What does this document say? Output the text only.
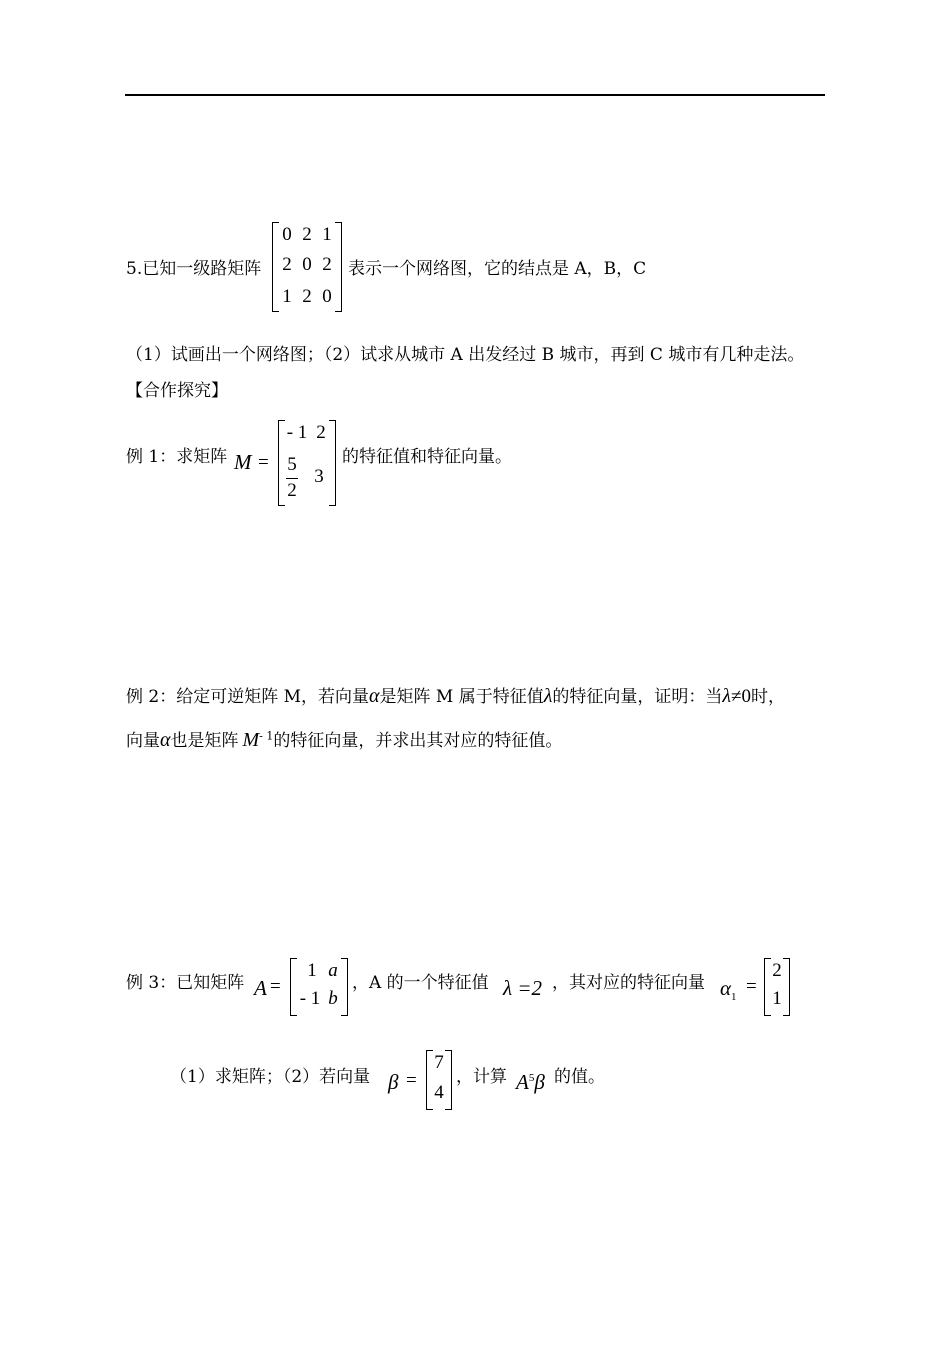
5.已知一级路矩阵
0 2 1
2 0 2
1 2 0
表示一个网络图，它的结点是 A，B，C
（1）试画出一个网络图；（2）试求从城市 A 出发经过 B 城市，再到 C 城市有几种走法。
【合作探究】
例 1：求矩阵 M =
- 1 2
5
2
3
的特征值和特征向量。
例 2：给定可逆矩阵 M，若向量α是矩阵 M 属于特征值λ的特征向量，证明：当λ≠0时，
向量α也是矩阵 $M^{- 1}$的特征向量，并求出其对应的特征值。
例 3：已知矩阵 A =
1 a
- 1 b
，A 的一个特征值 λ =2 ，其对应的特征向量 $\alpha_1$
=
2
1
（1）求矩阵；（2）若向量 β =
7
4
，计算 $A^5\beta$ 的值。
